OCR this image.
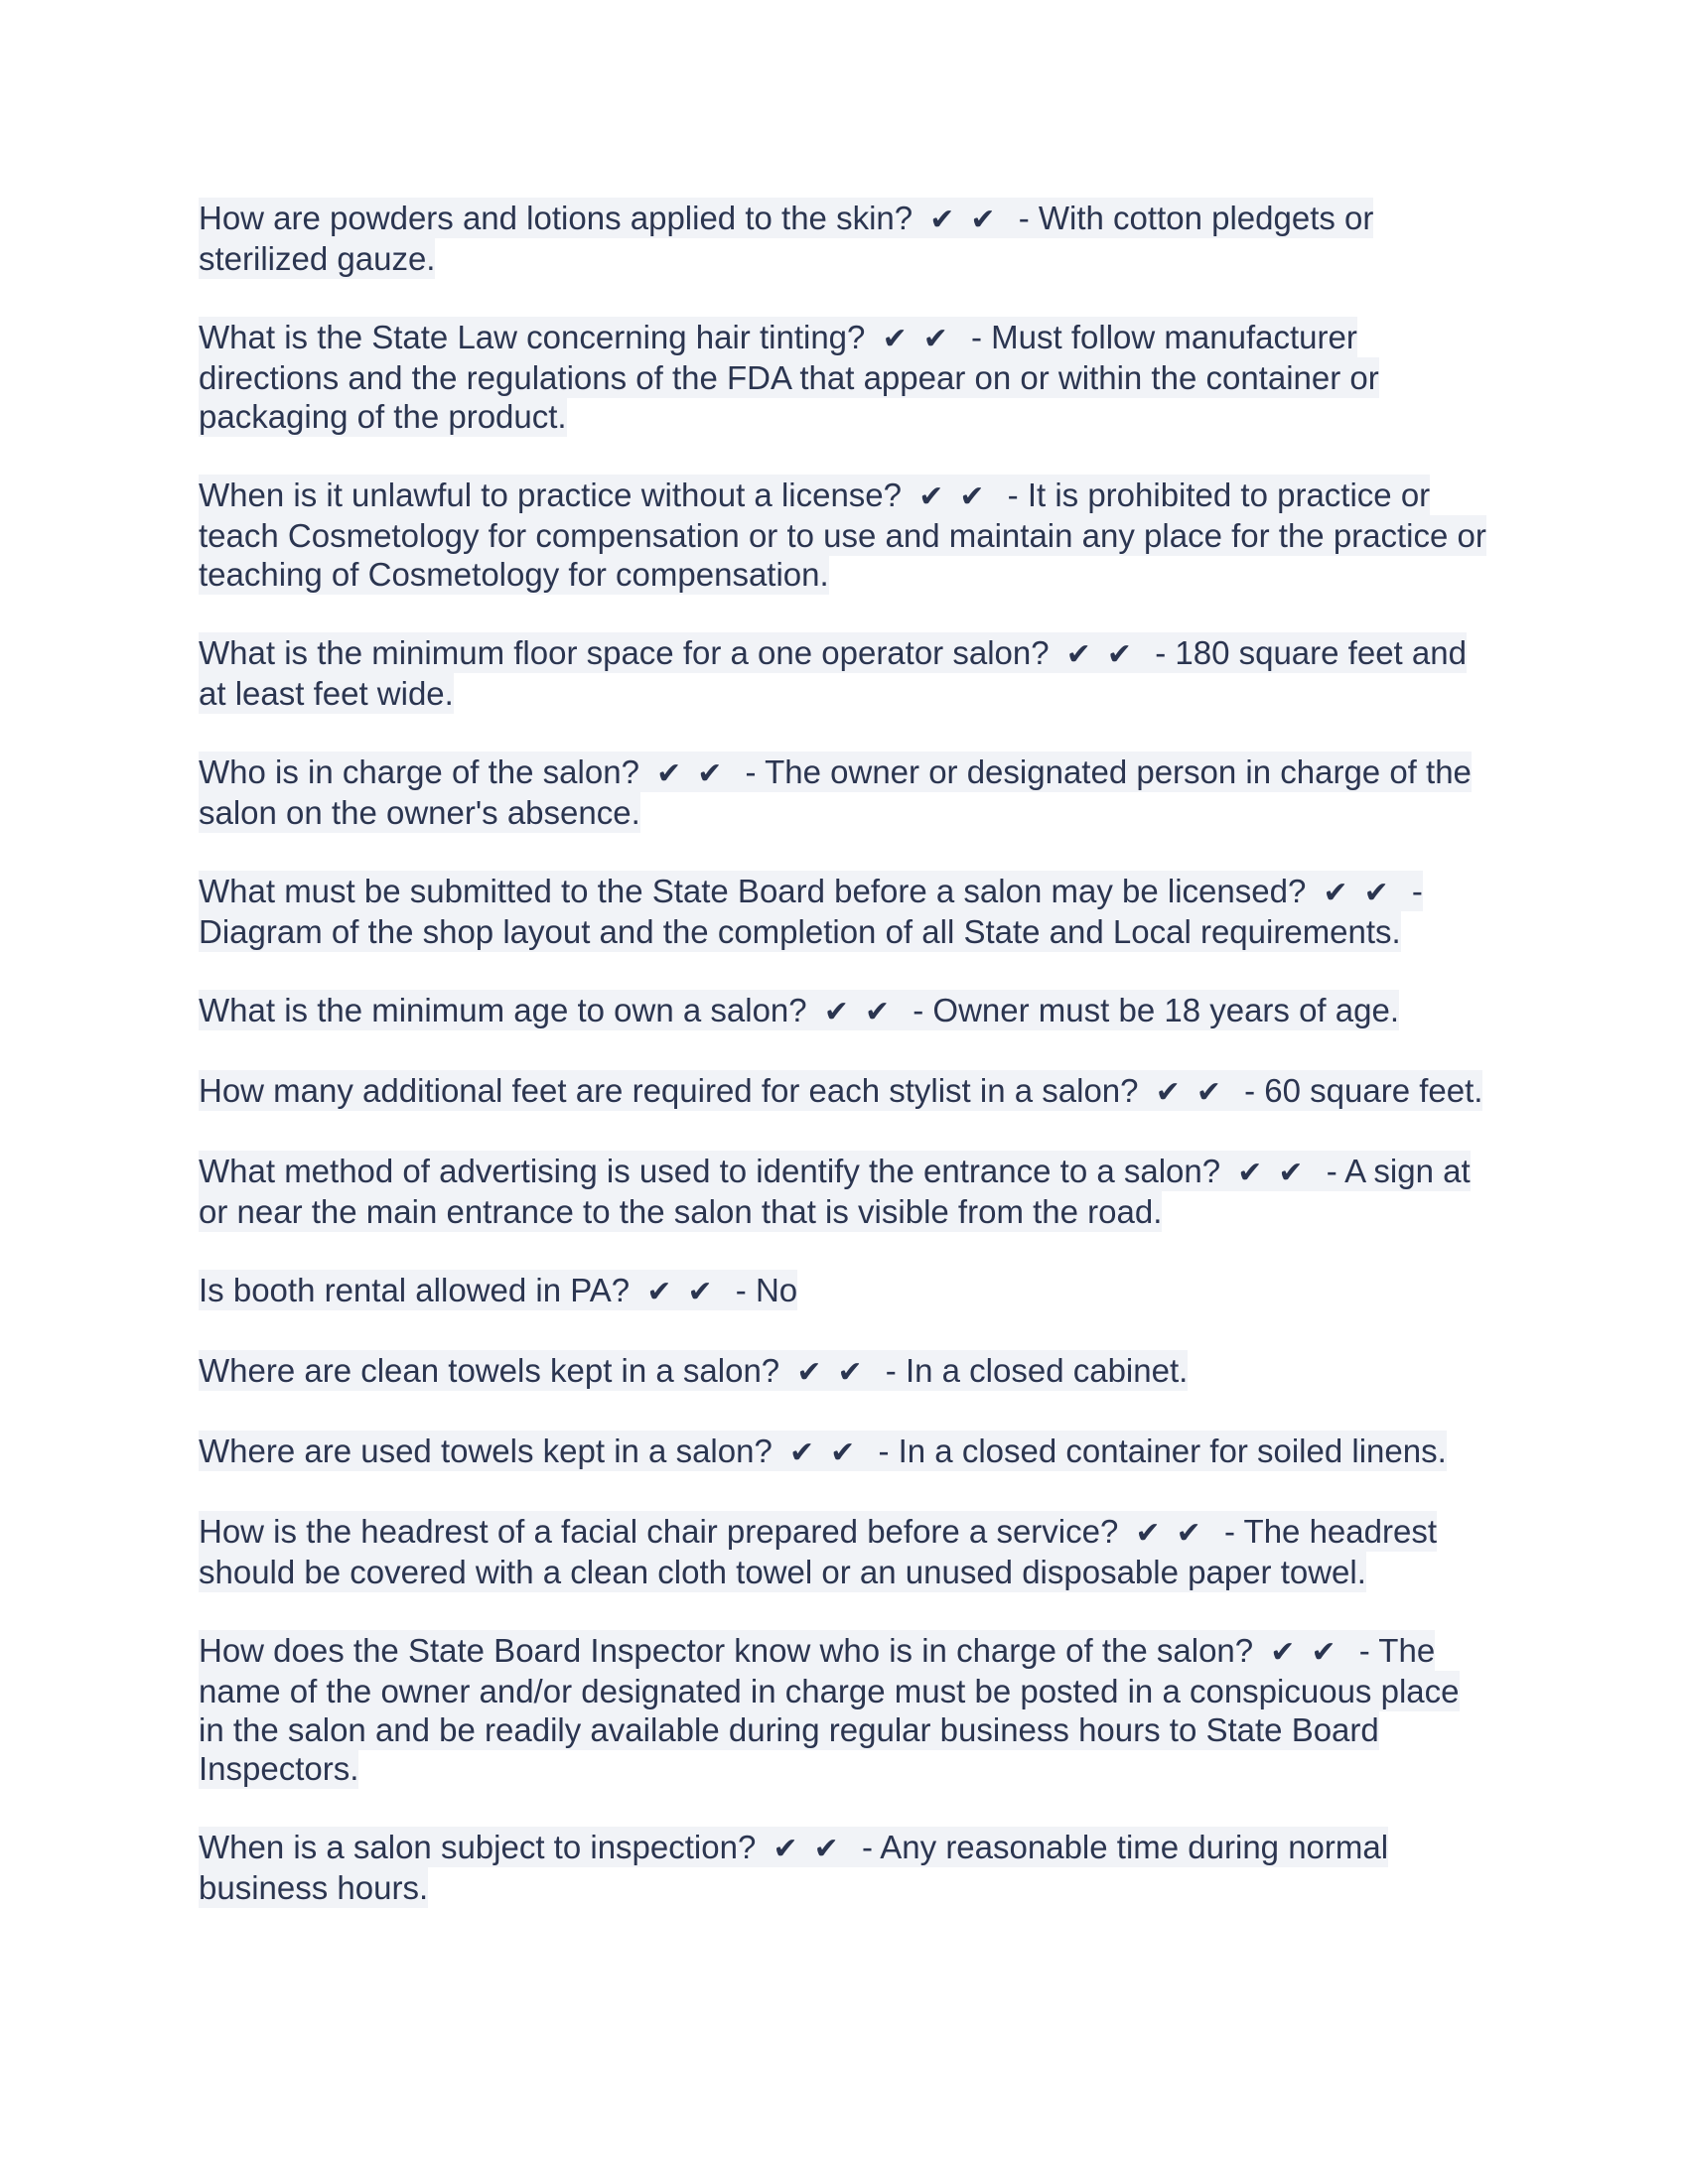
How are powders and lotions applied to the skin? ✔ ✔ - With cotton pledgets or sterilized gauze.

What is the State Law concerning hair tinting? ✔ ✔ - Must follow manufacturer directions and the regulations of the FDA that appear on or within the container or packaging of the product.

When is it unlawful to practice without a license? ✔ ✔ - It is prohibited to practice or teach Cosmetology for compensation or to use and maintain any place for the practice or teaching of Cosmetology for compensation.

What is the minimum floor space for a one operator salon? ✔ ✔ - 180 square feet and at least feet wide.

Who is in charge of the salon? ✔ ✔ - The owner or designated person in charge of the salon on the owner's absence.

What must be submitted to the State Board before a salon may be licensed? ✔ ✔ - Diagram of the shop layout and the completion of all State and Local requirements.

What is the minimum age to own a salon? ✔ ✔ - Owner must be 18 years of age.

How many additional feet are required for each stylist in a salon? ✔ ✔ - 60 square feet.

What method of advertising is used to identify the entrance to a salon? ✔ ✔ - A sign at or near the main entrance to the salon that is visible from the road.

Is booth rental allowed in PA? ✔ ✔ - No

Where are clean towels kept in a salon? ✔ ✔ - In a closed cabinet.

Where are used towels kept in a salon? ✔ ✔ - In a closed container for soiled linens.

How is the headrest of a facial chair prepared before a service? ✔ ✔ - The headrest should be covered with a clean cloth towel or an unused disposable paper towel.

How does the State Board Inspector know who is in charge of the salon? ✔ ✔ - The name of the owner and/or designated in charge must be posted in a conspicuous place in the salon and be readily available during regular business hours to State Board Inspectors.

When is a salon subject to inspection? ✔ ✔ - Any reasonable time during normal business hours.
